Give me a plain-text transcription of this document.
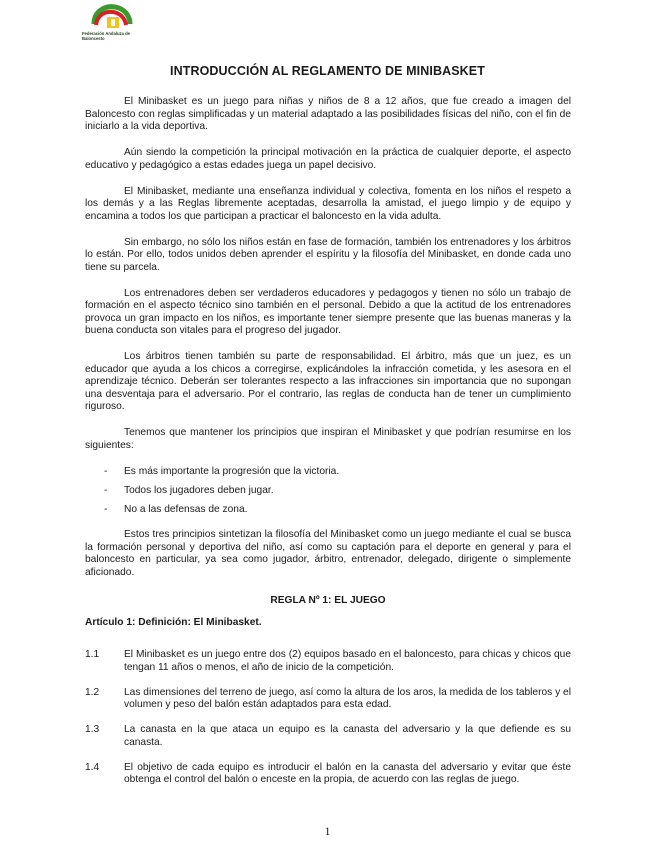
Federación Andaluza de Baloncesto
INTRODUCCIÓN AL REGLAMENTO DE MINIBASKET

El Minibasket es un juego para niñas y niños de 8 a 12 años, que fue creado a imagen del Baloncesto con reglas simplificadas y un material adaptado a las posibilidades físicas del niño, con el fin de iniciarlo a la vida deportiva.

Aún siendo la competición la principal motivación en la práctica de cualquier deporte, el aspecto educativo y pedagógico a estas edades juega un papel decisivo.

El Minibasket, mediante una enseñanza individual y colectiva, fomenta en los niños el respeto a los demás y a las Reglas libremente aceptadas, desarrolla la amistad, el juego limpio y de equipo y encamina a todos los que participan a practicar el baloncesto en la vida adulta.

Sin embargo, no sólo los niños están en fase de formación, también los entrenadores y los árbitros lo están. Por ello, todos unidos deben aprender el espíritu y la filosofía del Minibasket, en donde cada uno tiene su parcela.

Los entrenadores deben ser verdaderos educadores y pedagogos y tienen no sólo un trabajo de formación en el aspecto técnico sino también en el personal. Debido a que la actitud de los entrenadores provoca un gran impacto en los niños, es importante tener siempre presente que las buenas maneras y la buena conducta son vitales para el progreso del jugador.

Los árbitros tienen también su parte de responsabilidad. El árbitro, más que un juez, es un educador que ayuda a los chicos a corregirse, explicándoles la infracción cometida, y les asesora en el aprendizaje técnico. Deberán ser tolerantes respecto a las infracciones sin importancia que no supongan una desventaja para el adversario. Por el contrario, las reglas de conducta han de tener un cumplimiento riguroso.

Tenemos que mantener los principios que inspiran el Minibasket y que podrían resumirse en los siguientes:

- Es más importante la progresión que la victoria.
- Todos los jugadores deben jugar.
- No a las defensas de zona.

Estos tres principios sintetizan la filosofía del Minibasket como un juego mediante el cual se busca la formación personal y deportiva del niño, así como su captación para el deporte en general y para el baloncesto en particular, ya sea como jugador, árbitro, entrenador, delegado, dirigente o simplemente aficionado.

REGLA Nº 1: EL JUEGO
Artículo 1: Definición: El Minibasket.
1.1 El Minibasket es un juego entre dos (2) equipos basado en el baloncesto, para chicas y chicos que tengan 11 años o menos, el año de inicio de la competición.
1.2 Las dimensiones del terreno de juego, así como la altura de los aros, la medida de los tableros y el volumen y peso del balón están adaptados para esta edad.
1.3 La canasta en la que ataca un equipo es la canasta del adversario y la que defiende es su canasta.
1.4 El objetivo de cada equipo es introducir el balón en la canasta del adversario y evitar que éste obtenga el control del balón o enceste en la propia, de acuerdo con las reglas de juego.
1
